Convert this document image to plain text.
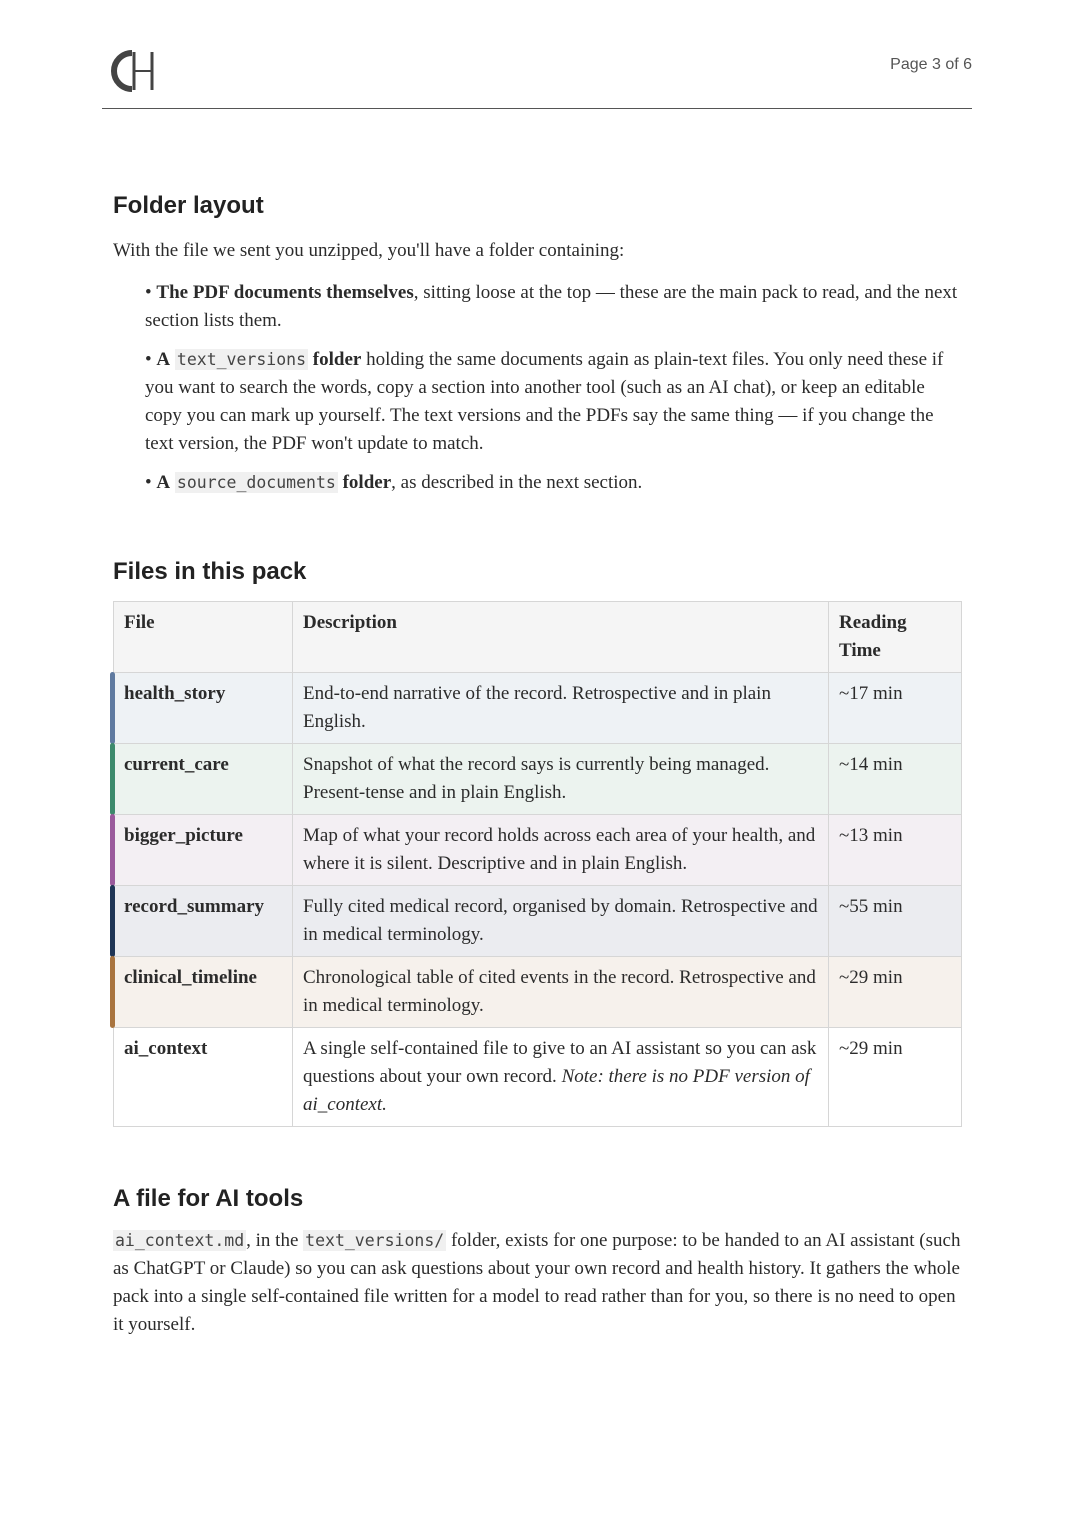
Page 3 of 6
Folder layout

With the file we sent you unzipped, you'll have a folder containing:

• The PDF documents themselves, sitting loose at the top — these are the main pack to read, and the next section lists them.
• A text_versions folder holding the same documents again as plain-text files. You only need these if you want to search the words, copy a section into another tool (such as an AI chat), or keep an editable copy you can mark up yourself. The text versions and the PDFs say the same thing — if you change the text version, the PDF won't update to match.
• A source_documents folder, as described in the next section.
Files in this pack
File	Description	Reading Time

health_story	End-to-end narrative of the record. Retrospective and in plain English.	~17 min

current_care	Snapshot of what the record says is currently being managed. Present-tense and in plain English.	~14 min

bigger_picture	Map of what your record holds across each area of your health, and where it is silent. Descriptive and in plain English.	~13 min

record_summary	Fully cited medical record, organised by domain. Retrospective and in medical terminology.	~55 min

clinical_timeline	Chronological table of cited events in the record. Retrospective and in medical terminology.	~29 min
ai_context	A single self-contained file to give to an AI assistant so you can ask questions about your own record. Note: there is no PDF version of ai_context.	~29 min
A file for AI tools

ai_context.md , in the text_versions/ folder, exists for one purpose: to be handed to an AI assistant (such as ChatGPT or Claude) so you can ask questions about your own record and health history. It gathers the whole pack into a single self-contained file written for a model to read rather than for you, so there is no need to open it yourself.
